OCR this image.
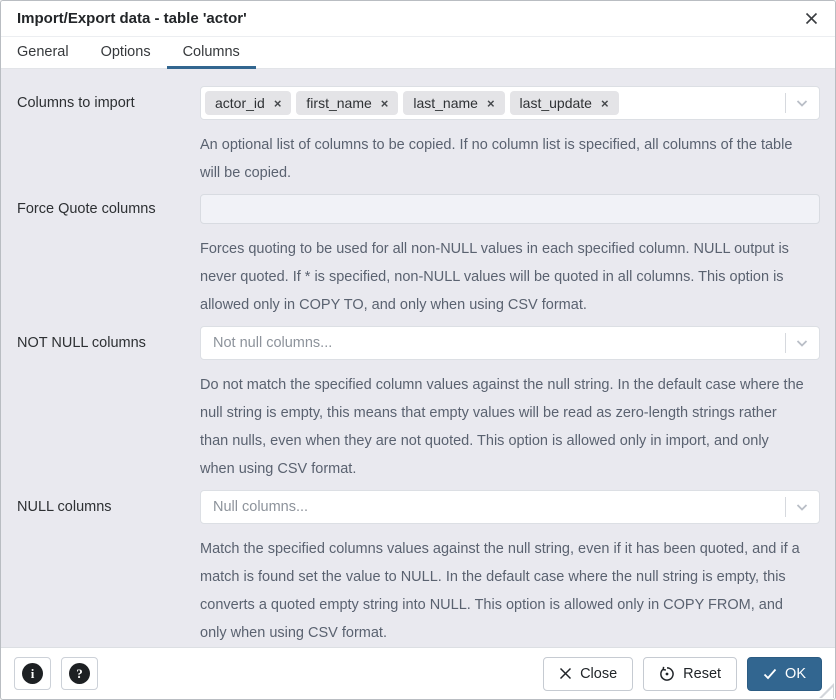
Import/Export data - table 'actor'
General	Options	Columns
Columns to import	actor_id × first_name × last_name × last_update ×
An optional list of columns to be copied. If no column list is specified, all columns of the table will be copied.
Force Quote columns
Forces quoting to be used for all non-NULL values in each specified column. NULL output is never quoted. If * is specified, non-NULL values will be quoted in all columns. This option is allowed only in COPY TO, and only when using CSV format.
NOT NULL columns	Not null columns...
Do not match the specified column values against the null string. In the default case where the null string is empty, this means that empty values will be read as zero-length strings rather than nulls, even when they are not quoted. This option is allowed only in import, and only when using CSV format.
NULL columns	Null columns...
Match the specified columns values against the null string, even if it has been quoted, and if a match is found set the value to NULL. In the default case where the null string is empty, this converts a quoted empty string into NULL. This option is allowed only in COPY FROM, and only when using CSV format.
i	?	Close	Reset	OK
